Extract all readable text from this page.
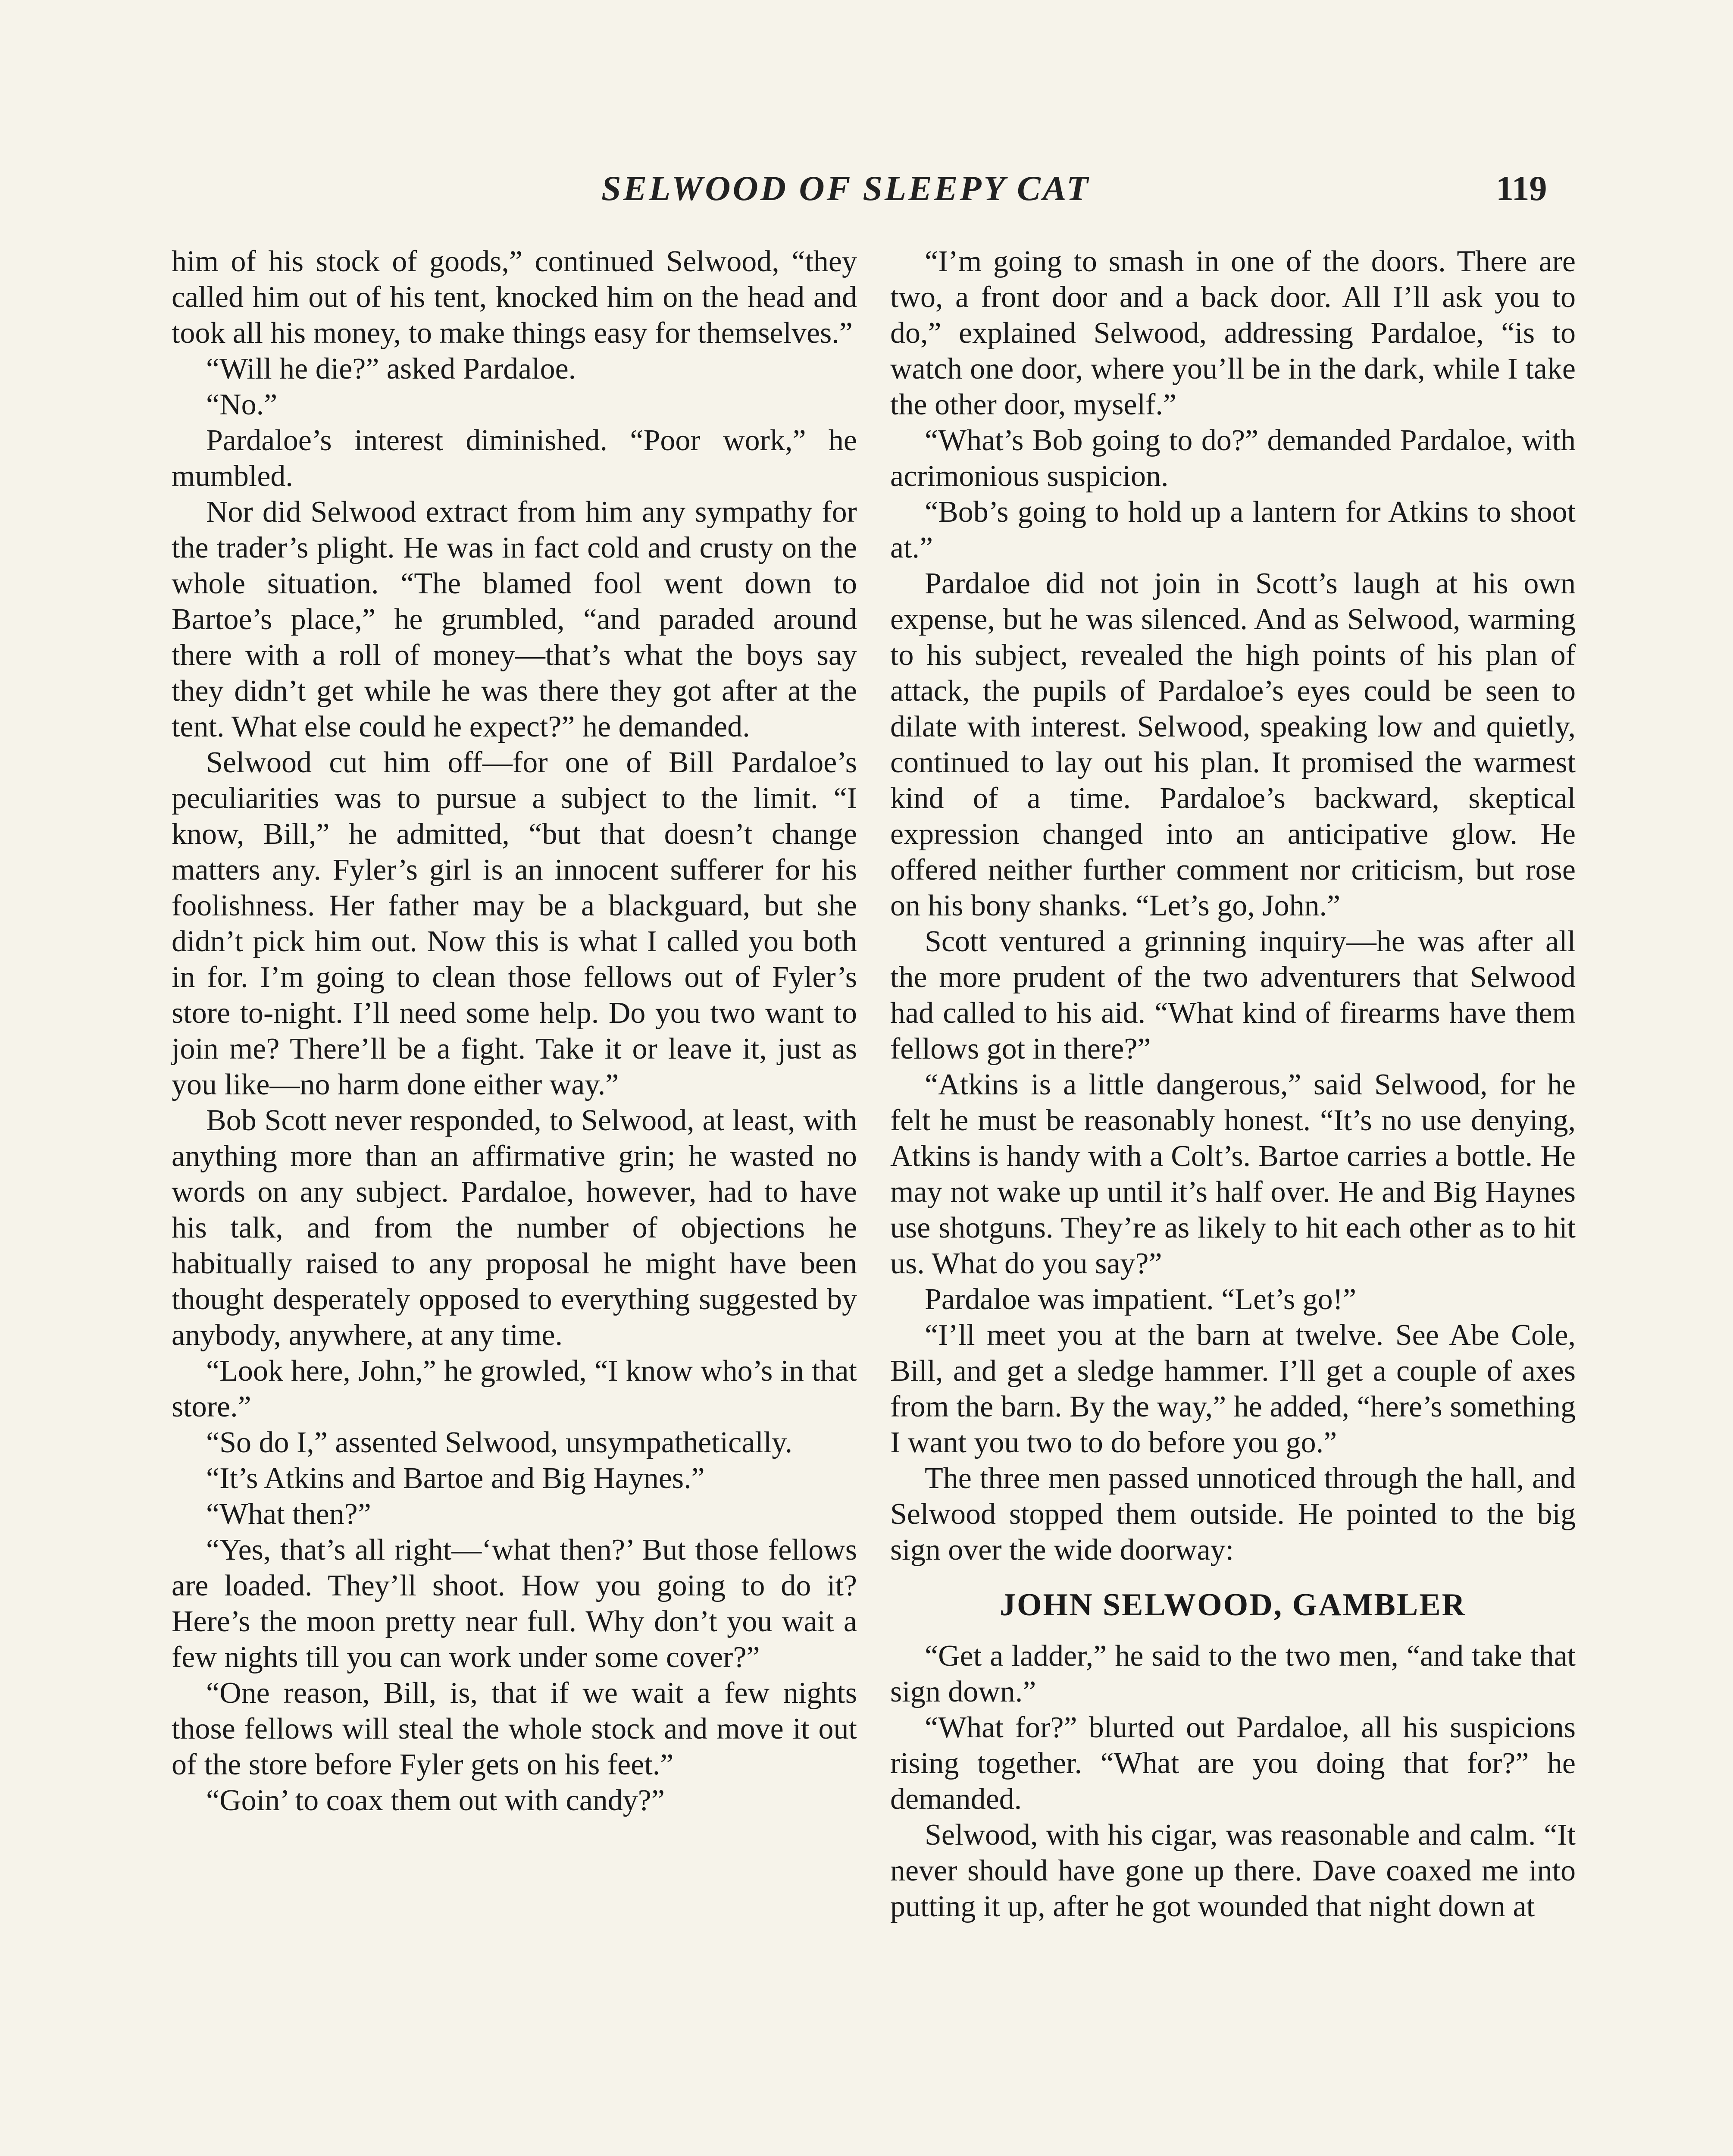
SELWOOD OF SLEEPY CAT	119

him of his stock of goods,” continued Selwood, “they called him out of his tent, knocked him on the head and took all his money, to make things easy for themselves.”

“Will he die?” asked Pardaloe.

“No.”

Pardaloe’s interest diminished. “Poor work,” he mumbled.

Nor did Selwood extract from him any sympathy for the trader’s plight. He was in fact cold and crusty on the whole situation. “The blamed fool went down to Bartoe’s place,” he grumbled, “and paraded around there with a roll of money—that’s what the boys say they didn’t get while he was there they got after at the tent. What else could he expect?” he demanded.

Selwood cut him off—for one of Bill Pardaloe’s peculiarities was to pursue a subject to the limit. “I know, Bill,” he admitted, “but that doesn’t change matters any. Fyler’s girl is an innocent sufferer for his foolishness. Her father may be a blackguard, but she didn’t pick him out. Now this is what I called you both in for. I’m going to clean those fellows out of Fyler’s store to-night. I’ll need some help. Do you two want to join me? There’ll be a fight. Take it or leave it, just as you like—no harm done either way.”

Bob Scott never responded, to Selwood, at least, with anything more than an affirmative grin; he wasted no words on any subject. Pardaloe, however, had to have his talk, and from the number of objections he habitually raised to any proposal he might have been thought desperately opposed to everything suggested by anybody, anywhere, at any time.

“Look here, John,” he growled, “I know who’s in that store.”

“So do I,” assented Selwood, unsympathetically.

“It’s Atkins and Bartoe and Big Haynes.”

“What then?”

“Yes, that’s all right—‘what then?’ But those fellows are loaded. They’ll shoot. How you going to do it? Here’s the moon pretty near full. Why don’t you wait a few nights till you can work under some cover?”

“One reason, Bill, is, that if we wait a few nights those fellows will steal the whole stock and move it out of the store before Fyler gets on his feet.”

“Goin’ to coax them out with candy?”

“I’m going to smash in one of the doors. There are two, a front door and a back door. All I’ll ask you to do,” explained Selwood, addressing Pardaloe, “is to watch one door, where you’ll be in the dark, while I take the other door, myself.”

“What’s Bob going to do?” demanded Pardaloe, with acrimonious suspicion.

“Bob’s going to hold up a lantern for Atkins to shoot at.”

Pardaloe did not join in Scott’s laugh at his own expense, but he was silenced. And as Selwood, warming to his subject, revealed the high points of his plan of attack, the pupils of Pardaloe’s eyes could be seen to dilate with interest. Selwood, speaking low and quietly, continued to lay out his plan. It promised the warmest kind of a time. Pardaloe’s backward, skeptical expression changed into an anticipative glow. He offered neither further comment nor criticism, but rose on his bony shanks. “Let’s go, John.”

Scott ventured a grinning inquiry—he was after all the more prudent of the two adventurers that Selwood had called to his aid. “What kind of firearms have them fellows got in there?”

“Atkins is a little dangerous,” said Selwood, for he felt he must be reasonably honest. “It’s no use denying, Atkins is handy with a Colt’s. Bartoe carries a bottle. He may not wake up until it’s half over. He and Big Haynes use shotguns. They’re as likely to hit each other as to hit us. What do you say?”

Pardaloe was impatient. “Let’s go!”

“I’ll meet you at the barn at twelve. See Abe Cole, Bill, and get a sledge hammer. I’ll get a couple of axes from the barn. By the way,” he added, “here’s something I want you two to do before you go.”

The three men passed unnoticed through the hall, and Selwood stopped them outside. He pointed to the big sign over the wide doorway:

JOHN SELWOOD, GAMBLER

“Get a ladder,” he said to the two men, “and take that sign down.”

“What for?” blurted out Pardaloe, all his suspicions rising together. “What are you doing that for?” he demanded.

Selwood, with his cigar, was reasonable and calm. “It never should have gone up there. Dave coaxed me into putting it up, after he got wounded that night down at
